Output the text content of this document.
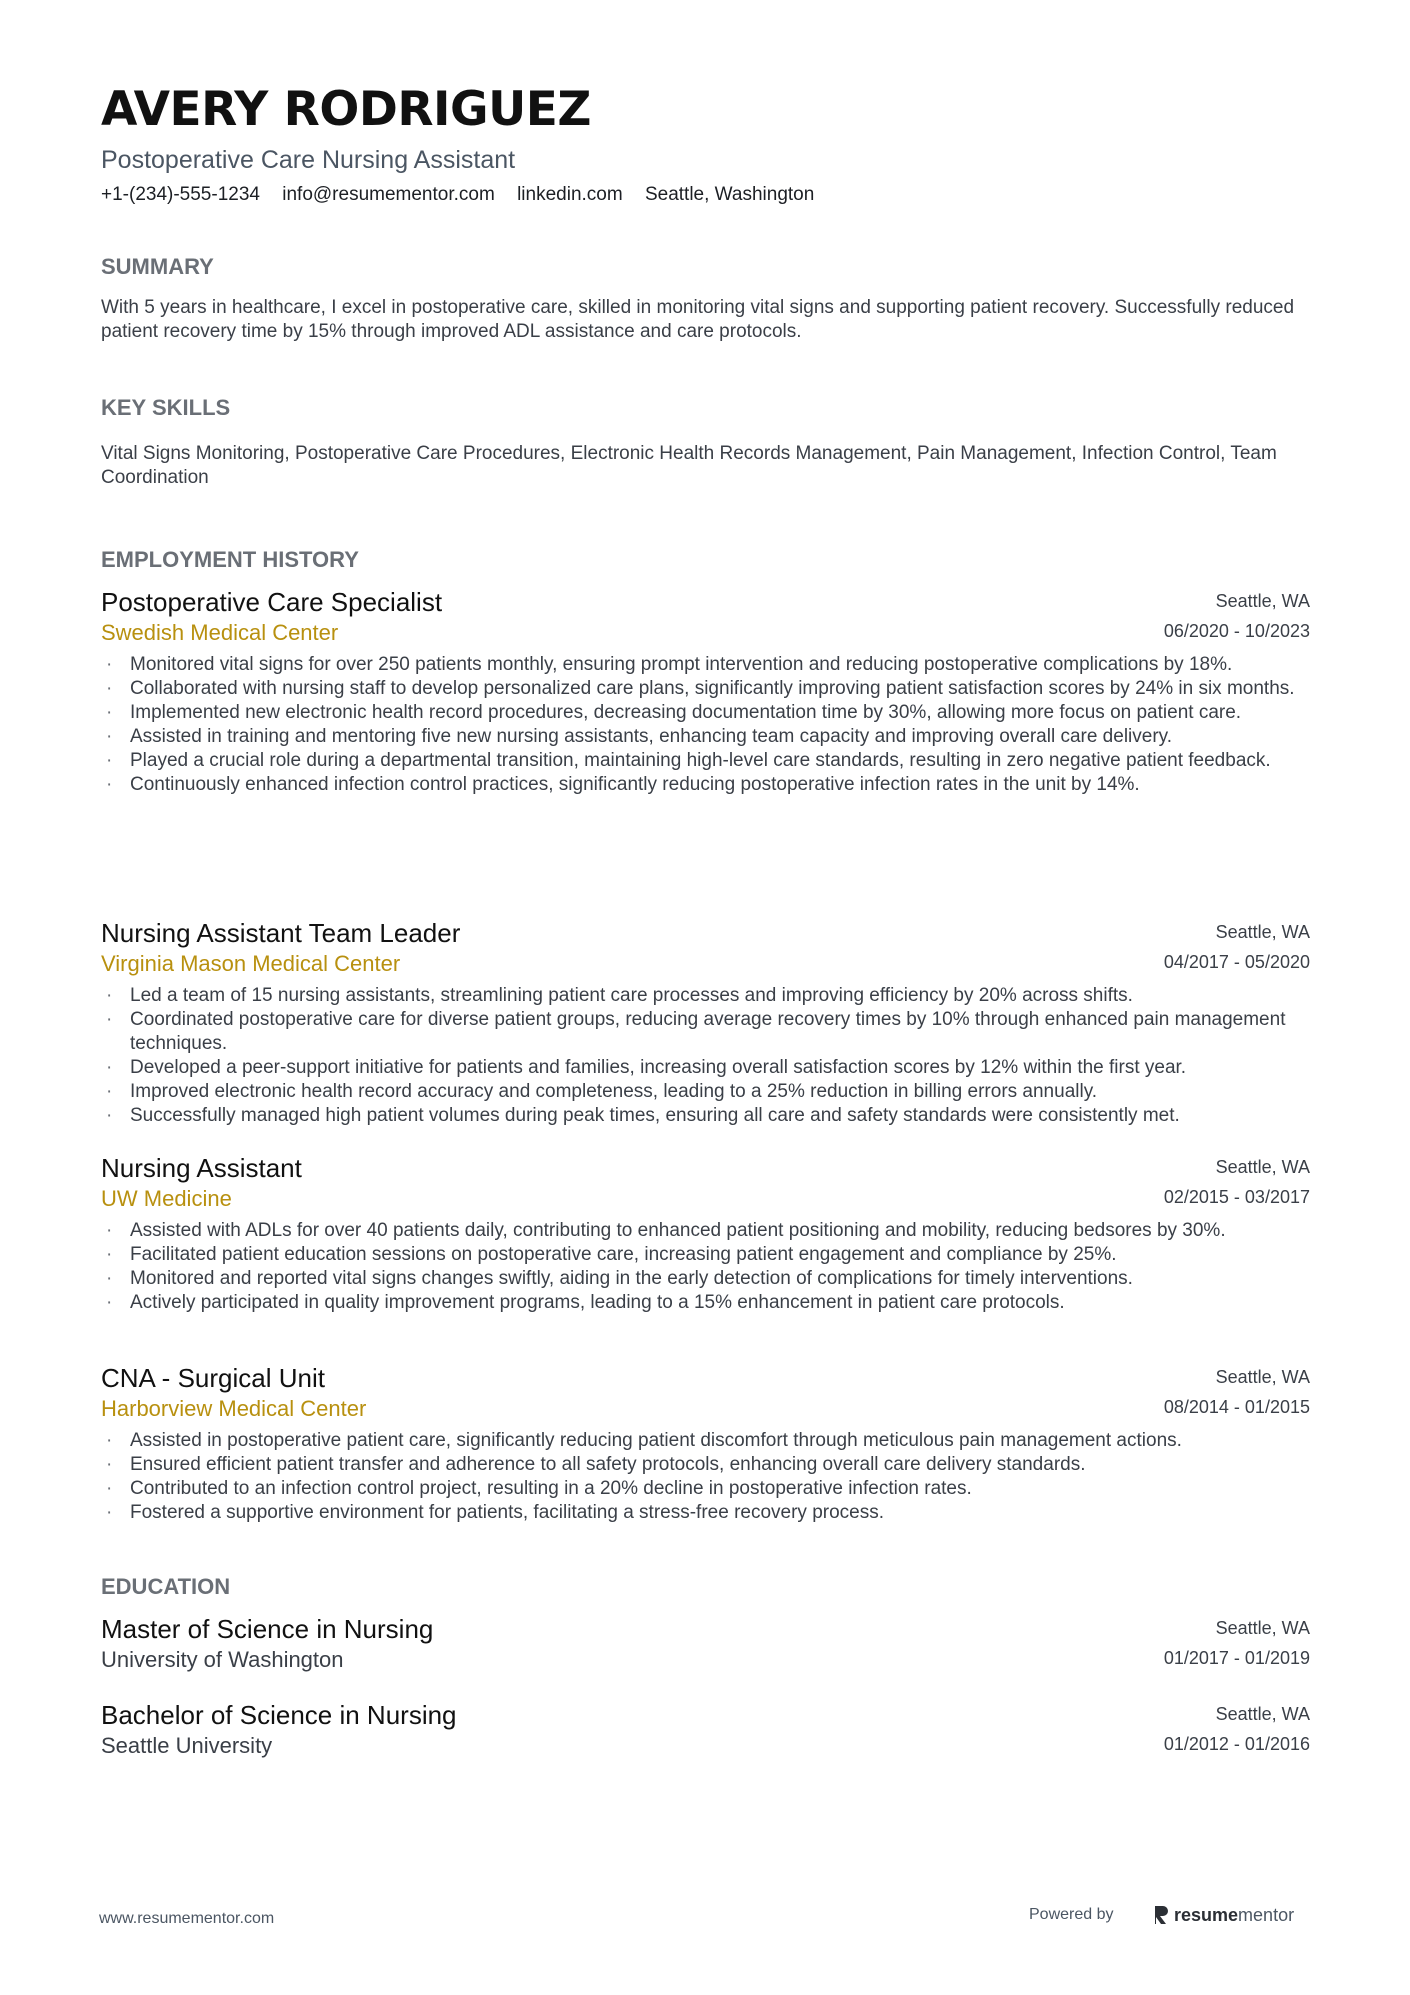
AVERY RODRIGUEZ
Postoperative Care Nursing Assistant
+1-(234)-555-1234 info@resumementor.com linkedin.com Seattle, Washington
SUMMARY
With 5 years in healthcare, I excel in postoperative care, skilled in monitoring vital signs and supporting patient recovery. Successfully reduced patient recovery time by 15% through improved ADL assistance and care protocols.
KEY SKILLS
Vital Signs Monitoring, Postoperative Care Procedures, Electronic Health Records Management, Pain Management, Infection Control, Team Coordination
EMPLOYMENT HISTORY
Postoperative Care Specialist
Swedish Medical Center
Seattle, WA
06/2020 - 10/2023
· Monitored vital signs for over 250 patients monthly, ensuring prompt intervention and reducing postoperative complications by 18%.
· Collaborated with nursing staff to develop personalized care plans, significantly improving patient satisfaction scores by 24% in six months.
· Implemented new electronic health record procedures, decreasing documentation time by 30%, allowing more focus on patient care.
· Assisted in training and mentoring five new nursing assistants, enhancing team capacity and improving overall care delivery.
· Played a crucial role during a departmental transition, maintaining high-level care standards, resulting in zero negative patient feedback.
· Continuously enhanced infection control practices, significantly reducing postoperative infection rates in the unit by 14%.
Nursing Assistant Team Leader
Virginia Mason Medical Center
Seattle, WA
04/2017 - 05/2020
· Led a team of 15 nursing assistants, streamlining patient care processes and improving efficiency by 20% across shifts.
· Coordinated postoperative care for diverse patient groups, reducing average recovery times by 10% through enhanced pain management techniques.
· Developed a peer-support initiative for patients and families, increasing overall satisfaction scores by 12% within the first year.
· Improved electronic health record accuracy and completeness, leading to a 25% reduction in billing errors annually.
· Successfully managed high patient volumes during peak times, ensuring all care and safety standards were consistently met.
Nursing Assistant
UW Medicine
Seattle, WA
02/2015 - 03/2017
· Assisted with ADLs for over 40 patients daily, contributing to enhanced patient positioning and mobility, reducing bedsores by 30%.
· Facilitated patient education sessions on postoperative care, increasing patient engagement and compliance by 25%.
· Monitored and reported vital signs changes swiftly, aiding in the early detection of complications for timely interventions.
· Actively participated in quality improvement programs, leading to a 15% enhancement in patient care protocols.
CNA - Surgical Unit
Harborview Medical Center
Seattle, WA
08/2014 - 01/2015
· Assisted in postoperative patient care, significantly reducing patient discomfort through meticulous pain management actions.
· Ensured efficient patient transfer and adherence to all safety protocols, enhancing overall care delivery standards.
· Contributed to an infection control project, resulting in a 20% decline in postoperative infection rates.
· Fostered a supportive environment for patients, facilitating a stress-free recovery process.
EDUCATION
Master of Science in Nursing
University of Washington
Seattle, WA
01/2017 - 01/2019
Bachelor of Science in Nursing
Seattle University
Seattle, WA
01/2012 - 01/2016
www.resumementor.com	Powered by	resumementor
